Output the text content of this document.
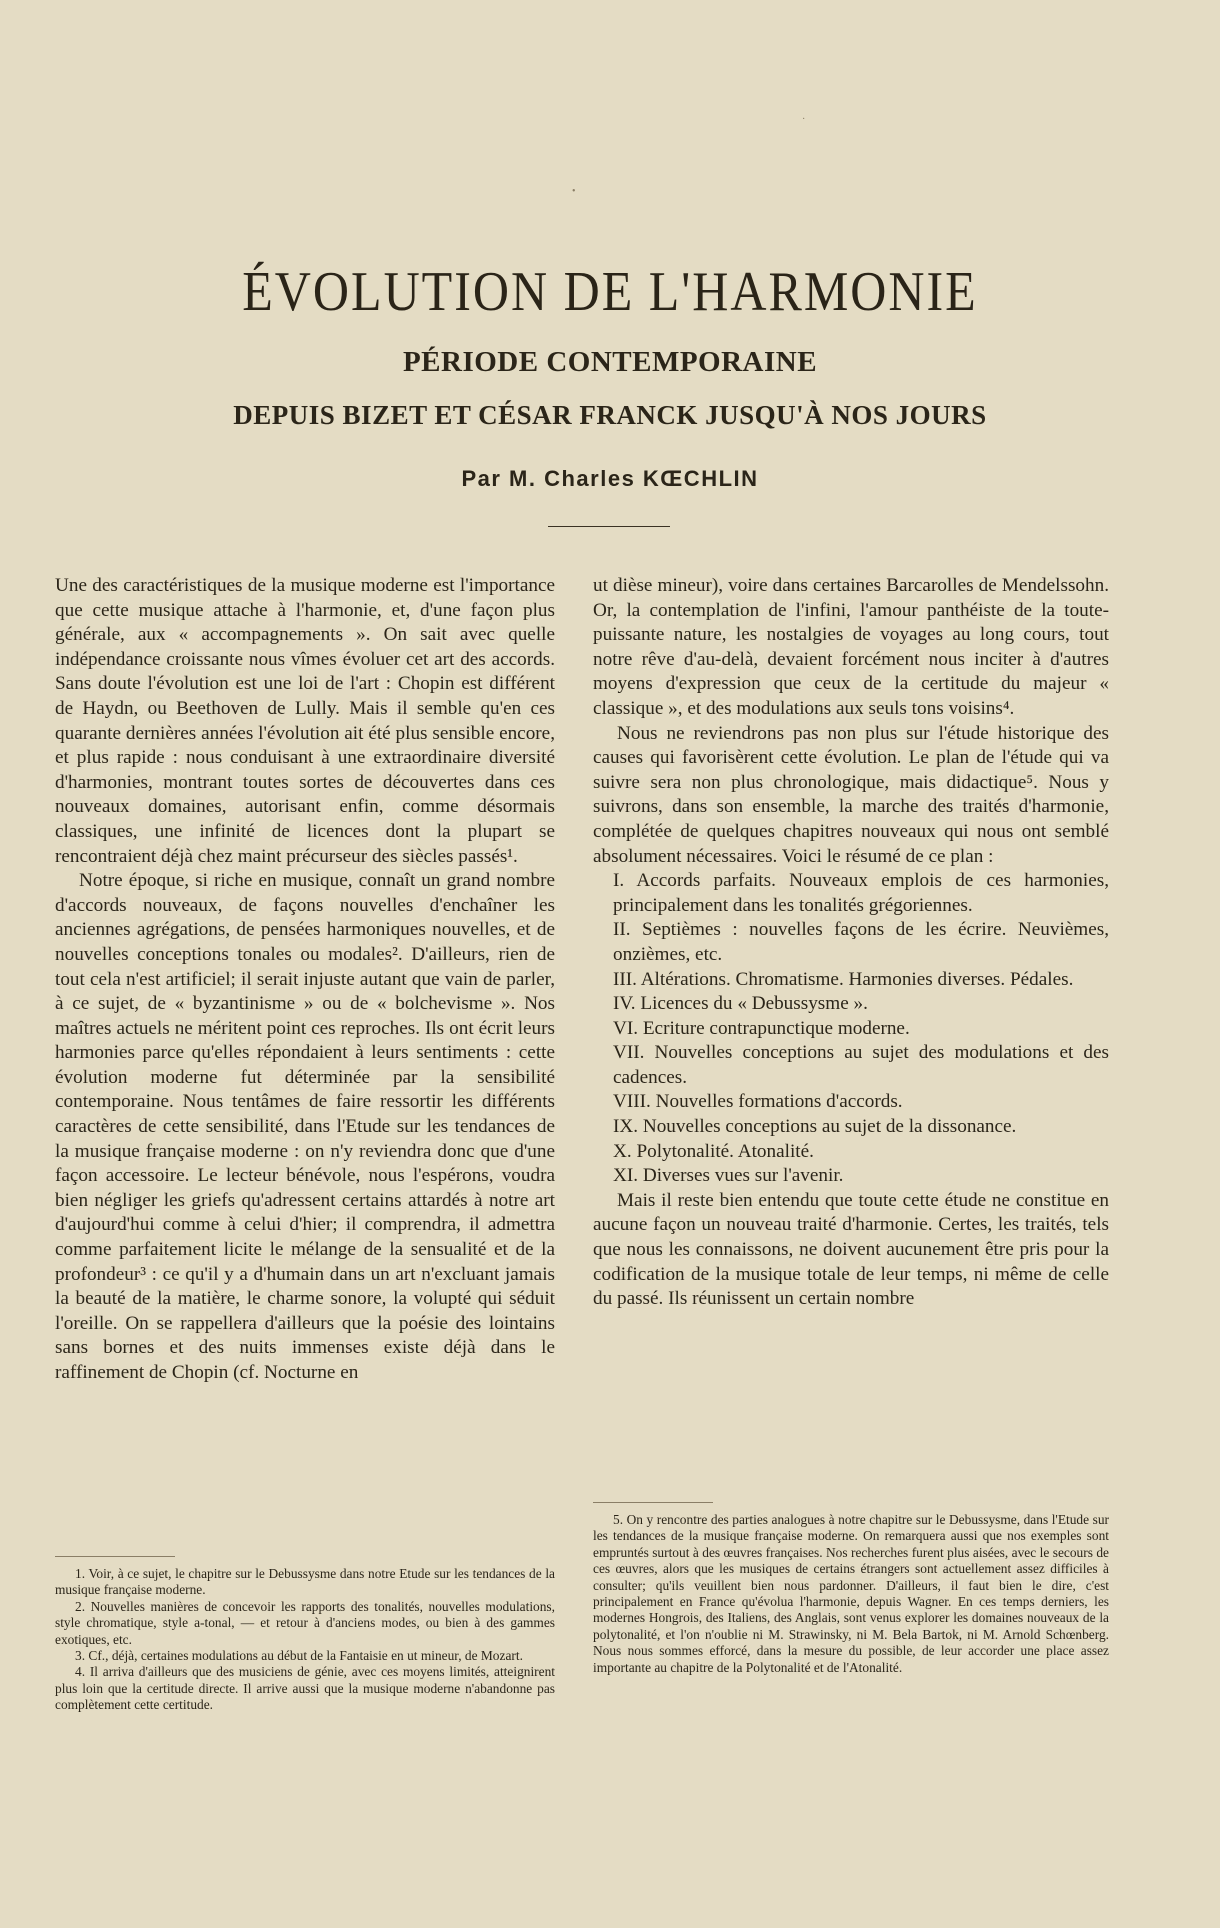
ÉVOLUTION DE L'HARMONIE
PÉRIODE CONTEMPORAINE
DEPUIS BIZET ET CÉSAR FRANCK JUSQU'À NOS JOURS
Par M. Charles KŒCHLIN
•
·

Une des caractéristiques de la musique moderne est l'importance que cette musique attache à l'harmonie, et, d'une façon plus générale, aux « accompagnements ». On sait avec quelle indépendance croissante nous vîmes évoluer cet art des accords. Sans doute l'évolution est une loi de l'art : Chopin est différent de Haydn, ou Beethoven de Lully. Mais il semble qu'en ces quarante dernières années l'évolution ait été plus sensible encore, et plus rapide : nous conduisant à une extraordinaire diversité d'harmonies, montrant toutes sortes de découvertes dans ces nouveaux domaines, autorisant enfin, comme désormais classiques, une infinité de licences dont la plupart se rencontraient déjà chez maint précurseur des siècles passés¹.

Notre époque, si riche en musique, connaît un grand nombre d'accords nouveaux, de façons nouvelles d'enchaîner les anciennes agrégations, de pensées harmoniques nouvelles, et de nouvelles conceptions tonales ou modales². D'ailleurs, rien de tout cela n'est artificiel; il serait injuste autant que vain de parler, à ce sujet, de « byzantinisme » ou de « bolchevisme ». Nos maîtres actuels ne méritent point ces reproches. Ils ont écrit leurs harmonies parce qu'elles répondaient à leurs sentiments : cette évolution moderne fut déterminée par la sensibilité contemporaine. Nous tentâmes de faire ressortir les différents caractères de cette sensibilité, dans l'Etude sur les tendances de la musique française moderne : on n'y reviendra donc que d'une façon accessoire. Le lecteur bénévole, nous l'espérons, voudra bien négliger les griefs qu'adressent certains attardés à notre art d'aujourd'hui comme à celui d'hier; il comprendra, il admettra comme parfaitement licite le mélange de la sensualité et de la profondeur³ : ce qu'il y a d'humain dans un art n'excluant jamais la beauté de la matière, le charme sonore, la volupté qui séduit l'oreille. On se rappellera d'ailleurs que la poésie des lointains sans bornes et des nuits immenses existe déjà dans le raffinement de Chopin (cf. Nocturne en

ut dièse mineur), voire dans certaines Barcarolles de Mendelssohn. Or, la contemplation de l'infini, l'amour panthéiste de la toute-puissante nature, les nostalgies de voyages au long cours, tout notre rêve d'au-delà, devaient forcément nous inciter à d'autres moyens d'expression que ceux de la certitude du majeur « classique », et des modulations aux seuls tons voisins⁴.

Nous ne reviendrons pas non plus sur l'étude historique des causes qui favorisèrent cette évolution. Le plan de l'étude qui va suivre sera non plus chronologique, mais didactique⁵. Nous y suivrons, dans son ensemble, la marche des traités d'harmonie, complétée de quelques chapitres nouveaux qui nous ont semblé absolument nécessaires. Voici le résumé de ce plan :

I. Accords parfaits. Nouveaux emplois de ces harmonies, principalement dans les tonalités grégoriennes.

II. Septièmes : nouvelles façons de les écrire. Neuvièmes, onzièmes, etc.

III. Altérations. Chromatisme. Harmonies diverses. Pédales.

IV. Licences du « Debussysme ».

VI. Ecriture contrapunctique moderne.

VII. Nouvelles conceptions au sujet des modulations et des cadences.

VIII. Nouvelles formations d'accords.

IX. Nouvelles conceptions au sujet de la dissonance.

X. Polytonalité. Atonalité.

XI. Diverses vues sur l'avenir.

Mais il reste bien entendu que toute cette étude ne constitue en aucune façon un nouveau traité d'harmonie. Certes, les traités, tels que nous les connaissons, ne doivent aucunement être pris pour la codification de la musique totale de leur temps, ni même de celle du passé. Ils réunissent un certain nombre

1. Voir, à ce sujet, le chapitre sur le Debussysme dans notre Etude sur les tendances de la musique française moderne.

2. Nouvelles manières de concevoir les rapports des tonalités, nouvelles modulations, style chromatique, style a-tonal, — et retour à d'anciens modes, ou bien à des gammes exotiques, etc.

3. Cf., déjà, certaines modulations au début de la Fantaisie en ut mineur, de Mozart.

4. Il arriva d'ailleurs que des musiciens de génie, avec ces moyens limités, atteignirent plus loin que la certitude directe. Il arrive aussi que la musique moderne n'abandonne pas complètement cette certitude.

5. On y rencontre des parties analogues à notre chapitre sur le Debussysme, dans l'Etude sur les tendances de la musique française moderne. On remarquera aussi que nos exemples sont empruntés surtout à des œuvres françaises. Nos recherches furent plus aisées, avec le secours de ces œuvres, alors que les musiques de certains étrangers sont actuellement assez difficiles à consulter; qu'ils veuillent bien nous pardonner. D'ailleurs, il faut bien le dire, c'est principalement en France qu'évolua l'harmonie, depuis Wagner. En ces temps derniers, les modernes Hongrois, des Italiens, des Anglais, sont venus explorer les domaines nouveaux de la polytonalité, et l'on n'oublie ni M. Strawinsky, ni M. Bela Bartok, ni M. Arnold Schœnberg. Nous nous sommes efforcé, dans la mesure du possible, de leur accorder une place assez importante au chapitre de la Polytonalité et de l'Atonalité.
